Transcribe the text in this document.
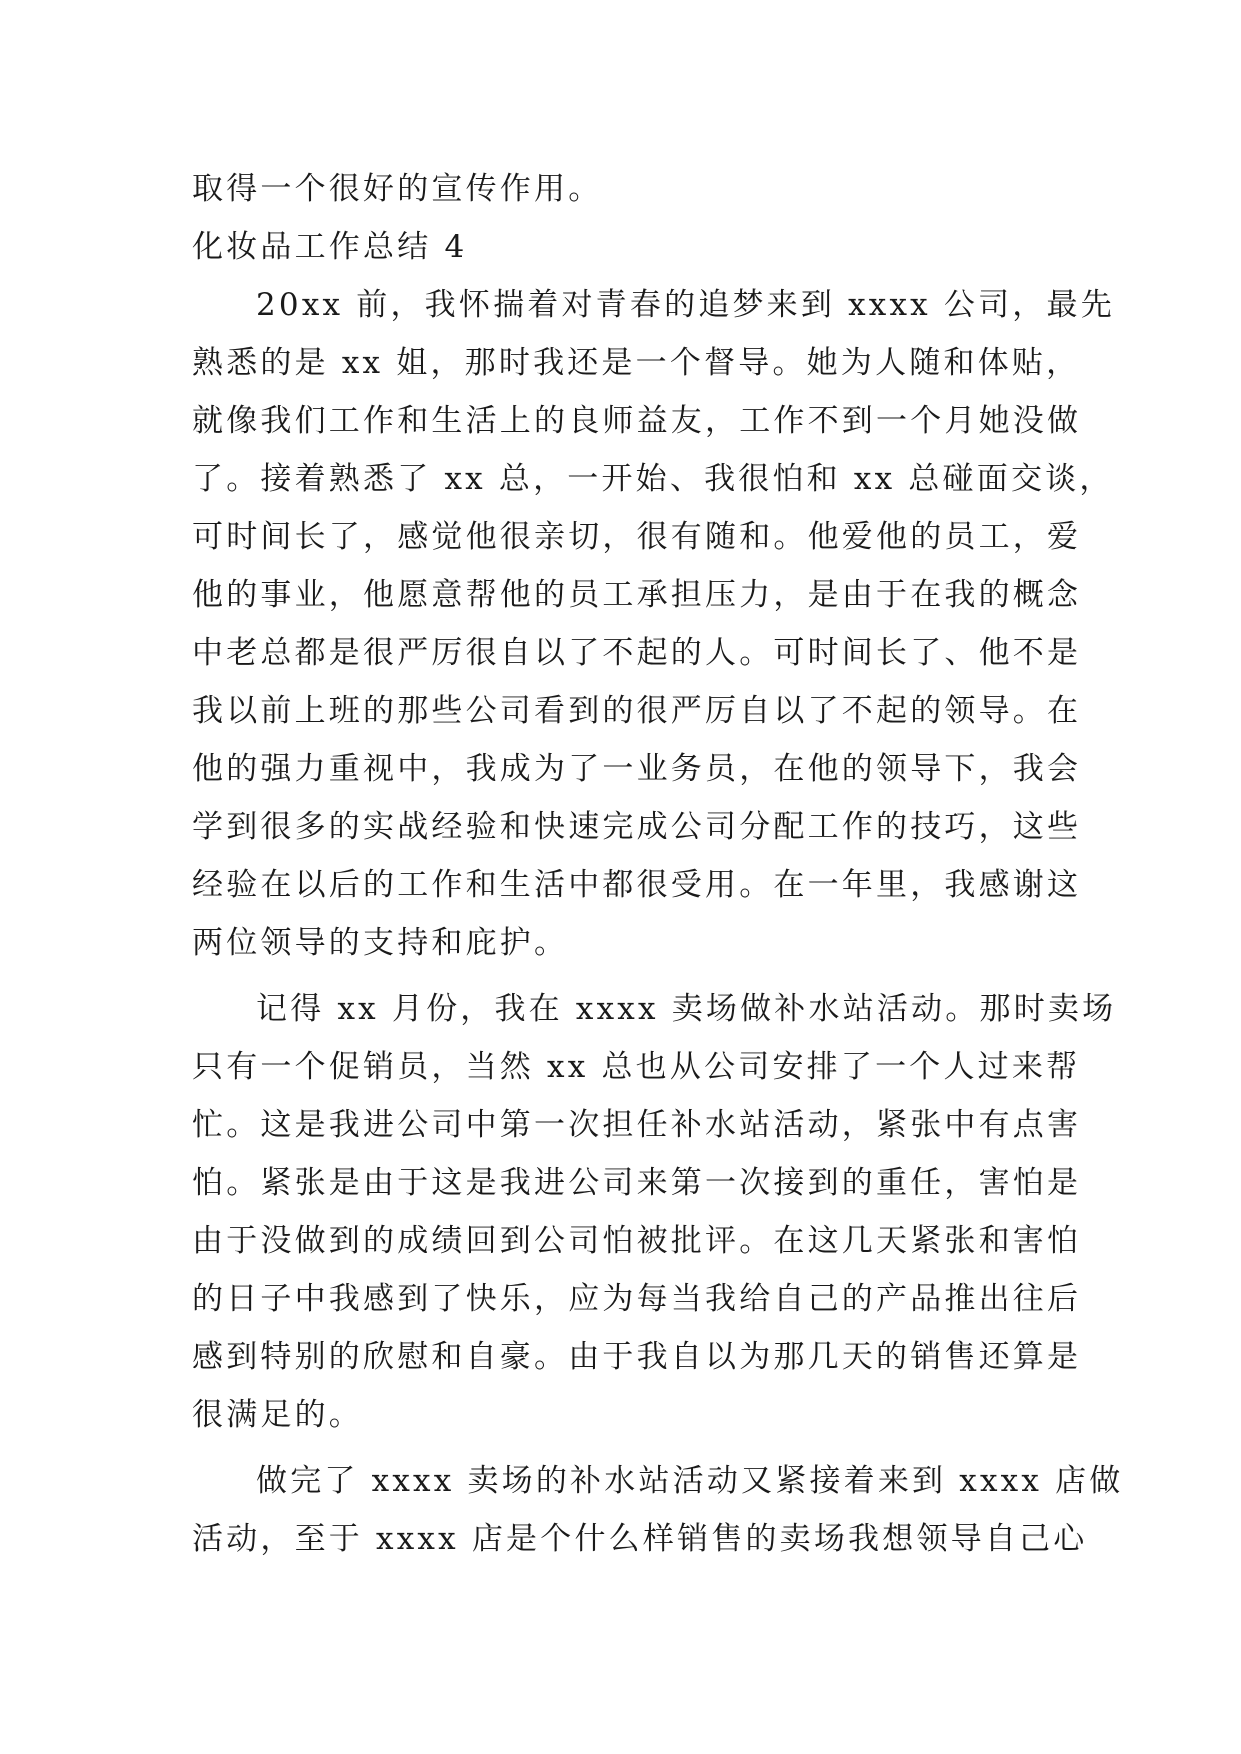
取得一个很好的宣传作用。
化妆品工作总结 4
20xx 前，我怀揣着对青春的追梦来到 xxxx 公司，最先
熟悉的是 xx 姐，那时我还是一个督导。她为人随和体贴，
就像我们工作和生活上的良师益友，工作不到一个月她没做
了。接着熟悉了 xx 总，一开始、我很怕和 xx 总碰面交谈，
可时间长了，感觉他很亲切，很有随和。他爱他的员工，爱
他的事业，他愿意帮他的员工承担压力，是由于在我的概念
中老总都是很严厉很自以了不起的人。可时间长了、他不是
我以前上班的那些公司看到的很严厉自以了不起的领导。在
他的强力重视中，我成为了一业务员，在他的领导下，我会
学到很多的实战经验和快速完成公司分配工作的技巧，这些
经验在以后的工作和生活中都很受用。在一年里，我感谢这
两位领导的支持和庇护。
记得 xx 月份，我在 xxxx 卖场做补水站活动。那时卖场
只有一个促销员，当然 xx 总也从公司安排了一个人过来帮
忙。这是我进公司中第一次担任补水站活动，紧张中有点害
怕。紧张是由于这是我进公司来第一次接到的重任，害怕是
由于没做到的成绩回到公司怕被批评。在这几天紧张和害怕
的日子中我感到了快乐，应为每当我给自己的产品推出往后
感到特别的欣慰和自豪。由于我自以为那几天的销售还算是
很满足的。
做完了 xxxx 卖场的补水站活动又紧接着来到 xxxx 店做
活动，至于 xxxx 店是个什么样销售的卖场我想领导自己心
